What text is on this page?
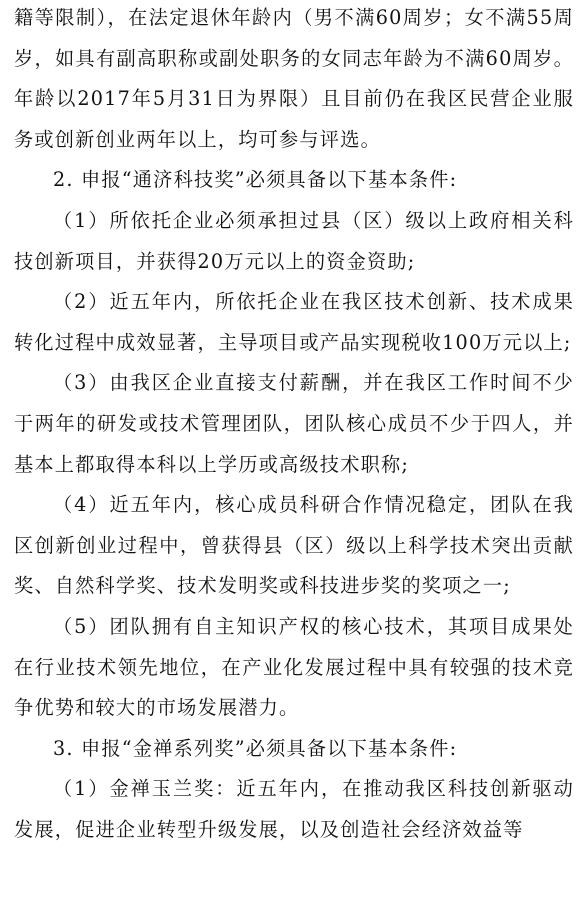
籍等限制），在法定退休年龄内（男不满60周岁；女不满55周岁，如具有副高职称或副处职务的女同志年龄为不满60周岁。年龄以2017年5月31日为界限）且目前仍在我区民营企业服务或创新创业两年以上，均可参与评选。

2. 申报“通济科技奖”必须具备以下基本条件:

（1）所依托企业必须承担过县（区）级以上政府相关科技创新项目，并获得20万元以上的资金资助;

（2）近五年内，所依托企业在我区技术创新、技术成果转化过程中成效显著，主导项目或产品实现税收100万元以上;

（3）由我区企业直接支付薪酬，并在我区工作时间不少于两年的研发或技术管理团队，团队核心成员不少于四人，并基本上都取得本科以上学历或高级技术职称;

（4）近五年内，核心成员科研合作情况稳定，团队在我区创新创业过程中，曾获得县（区）级以上科学技术突出贡献奖、自然科学奖、技术发明奖或科技进步奖的奖项之一;

（5）团队拥有自主知识产权的核心技术，其项目成果处在行业技术领先地位，在产业化发展过程中具有较强的技术竞争优势和较大的市场发展潜力。

3. 申报“金禅系列奖”必须具备以下基本条件:

（1）金禅玉兰奖：近五年内，在推动我区科技创新驱动发展，促进企业转型升级发展，以及创造社会经济效益等
